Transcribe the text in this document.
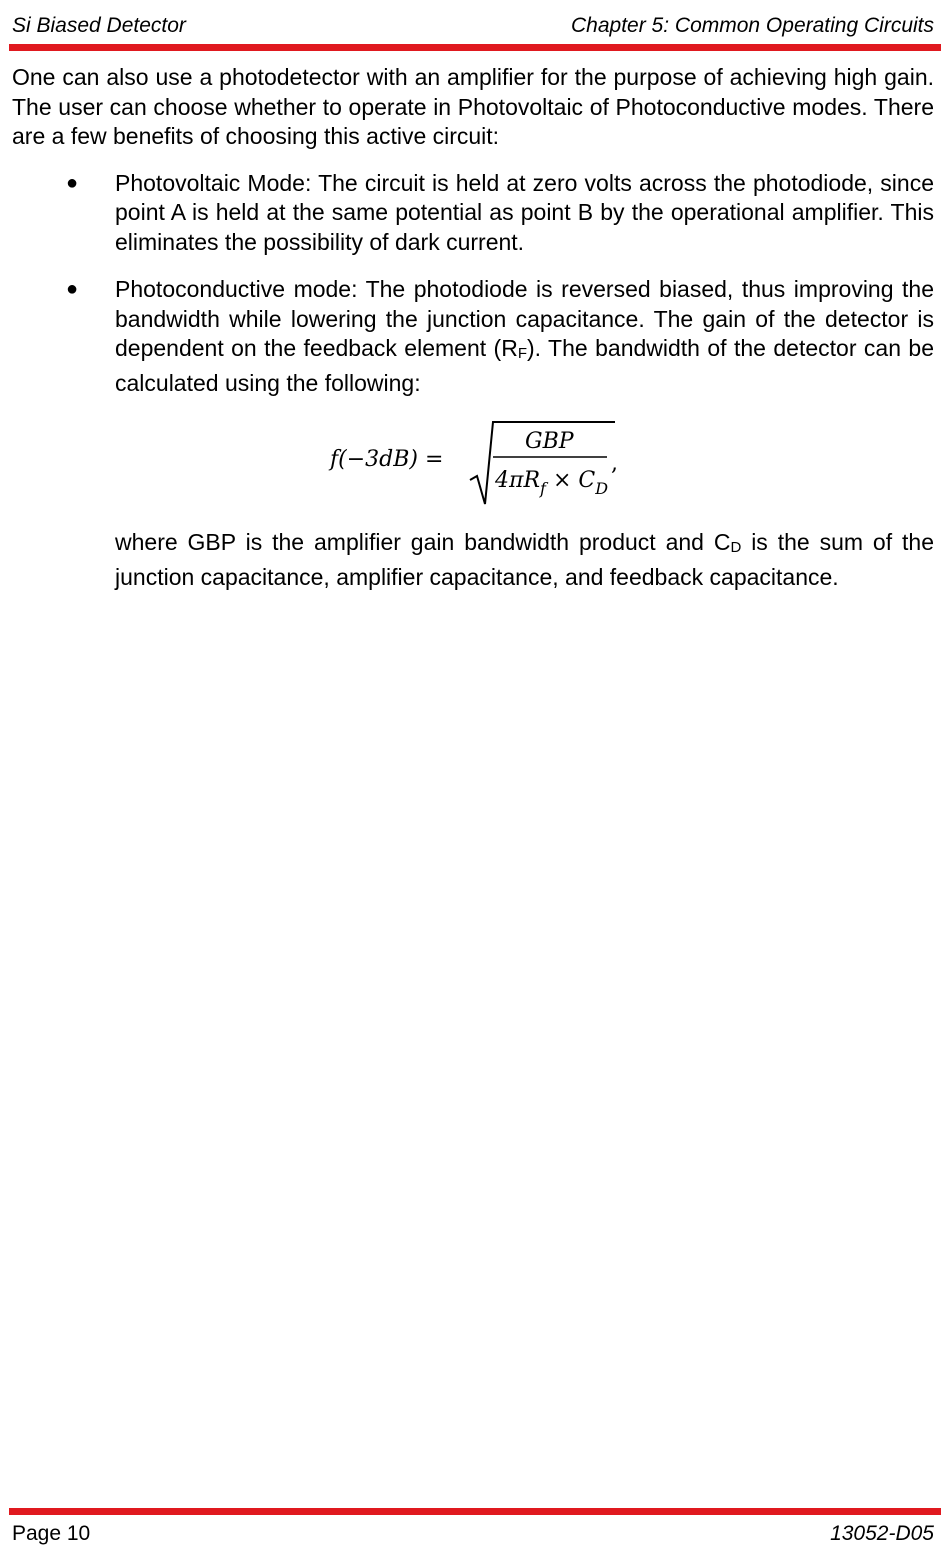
Si Biased Detector	Chapter 5: Common Operating Circuits

One can also use a photodetector with an amplifier for the purpose of achieving high gain. The user can choose whether to operate in Photovoltaic of Photoconductive modes. There are a few benefits of choosing this active circuit:

● Photovoltaic Mode: The circuit is held at zero volts across the photodiode, since point A is held at the same potential as point B by the operational amplifier. This eliminates the possibility of dark current.
● Photoconductive mode: The photodiode is reversed biased, thus improving the bandwidth while lowering the junction capacitance. The gain of the detector is dependent on the feedback element $(R_F)$. The bandwidth of the detector can be calculated using the following:
f(−3dB) =
GBP
$4\pi R_f \times C_D$
,
where GBP is the amplifier gain bandwidth product and $C_D$ is the sum of the junction capacitance, amplifier capacitance, and feedback capacitance.
Page 10	13052-D05
